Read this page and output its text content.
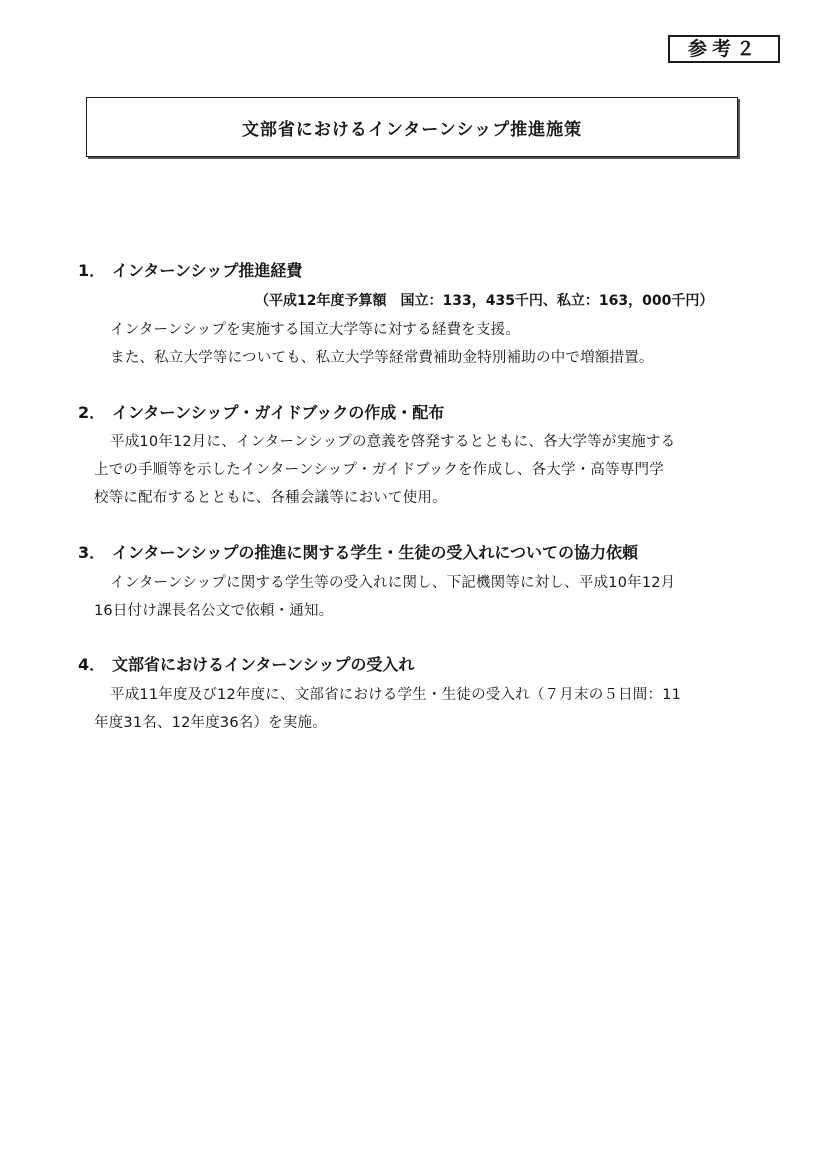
参考２
文部省におけるインターンシップ推進施策
1． インターンシップ推進経費
（平成12年度予算額　国立：133，435千円、私立：163，000千円）
インターンシップを実施する国立大学等に対する経費を支援。
また、私立大学等についても、私立大学等経常費補助金特別補助の中で増額措置。
2． インターンシップ・ガイドブックの作成・配布
平成10年12月に、インターンシップの意義を啓発するとともに、各大学等が実施する
上での手順等を示したインターンシップ・ガイドブックを作成し、各大学・高等専門学
校等に配布するとともに、各種会議等において使用。
3． インターンシップの推進に関する学生・生徒の受入れについての協力依頼
インターンシップに関する学生等の受入れに関し、下記機関等に対し、平成10年12月
16日付け課長名公文で依頼・通知。
4． 文部省におけるインターンシップの受入れ
平成11年度及び12年度に、文部省における学生・生徒の受入れ（７月末の５日間：11
年度31名、12年度36名）を実施。
